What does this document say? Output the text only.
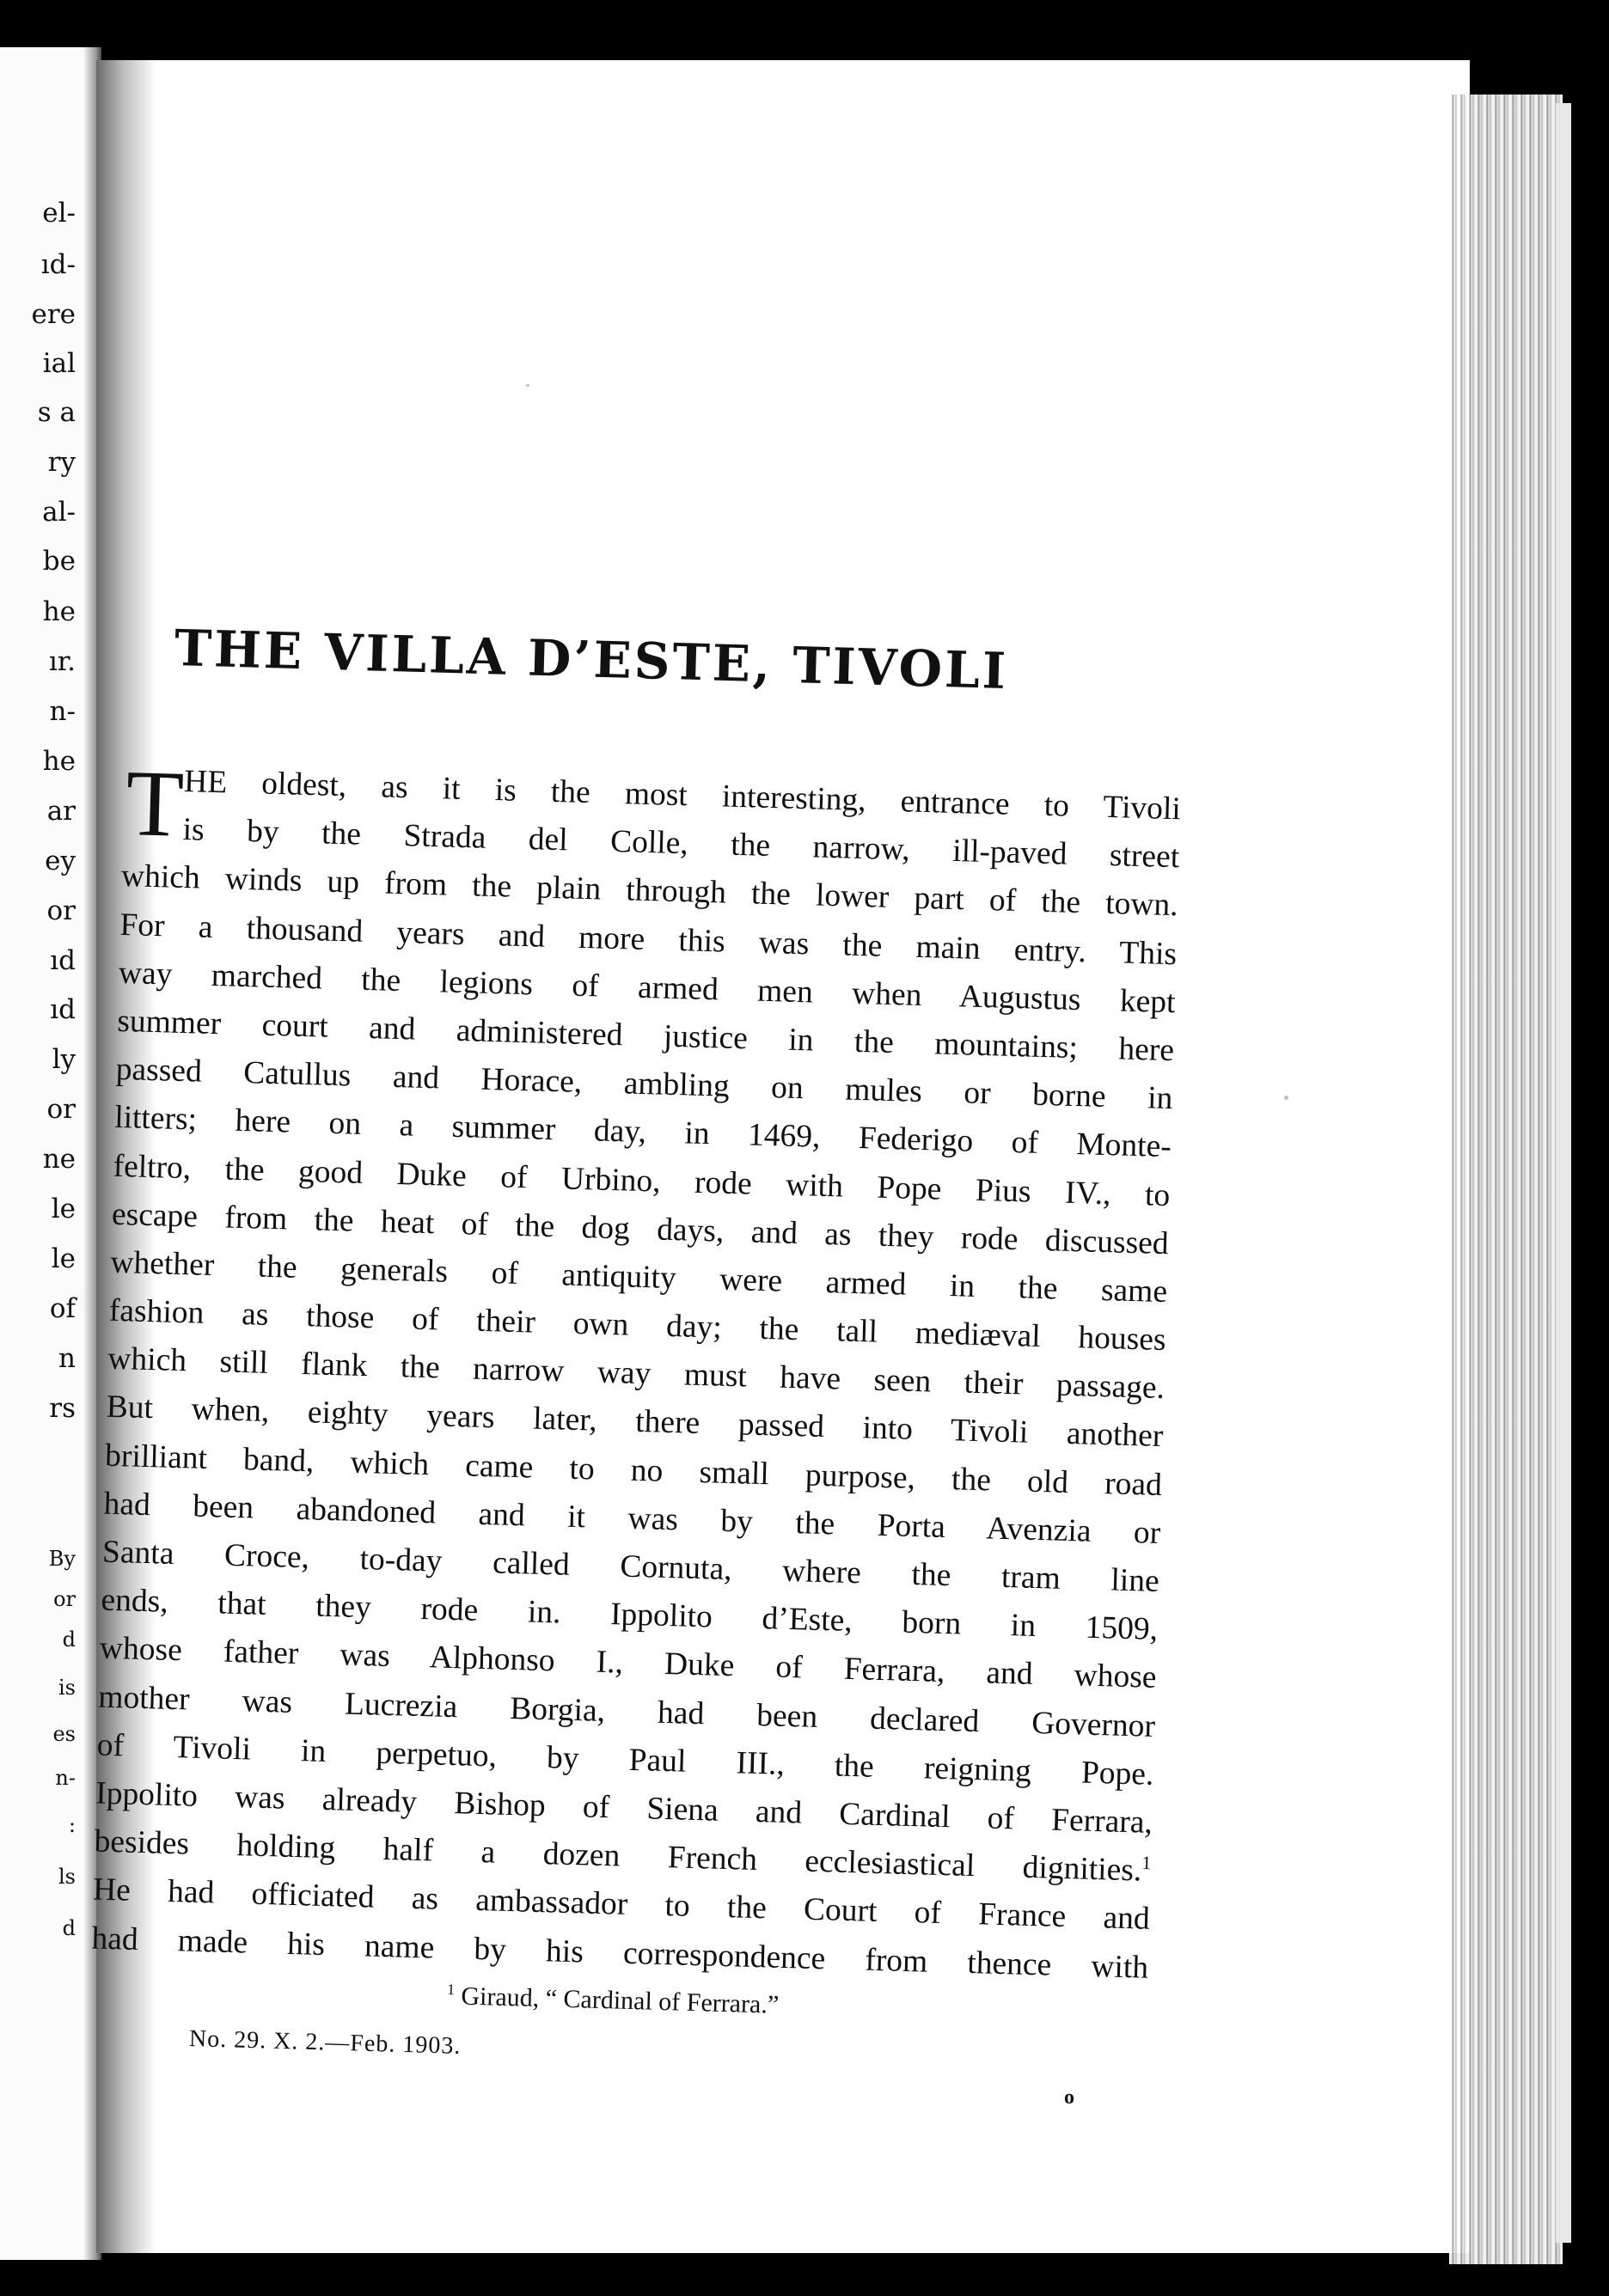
el-
ıd-
ere
ial
s a
ry
al-
be
he
ır.
n-
he
ar
ey
or
ıd
ıd
ly
or
ne
le
le
of
n
rs
By
or
d
is
es
n-
:
ls
d
THE VILLA D’ESTE, TIVOLI
T
HE oldest, as it is the most interesting, entrance to Tivoli
is by the Strada del Colle, the narrow, ill-paved street
which winds up from the plain through the lower part of the town.
For a thousand years and more this was the main entry. This
way marched the legions of armed men when Augustus kept
summer court and administered justice in the mountains; here
passed Catullus and Horace, ambling on mules or borne in
litters; here on a summer day, in 1469, Federigo of Monte-
feltro, the good Duke of Urbino, rode with Pope Pius IV., to
escape from the heat of the dog days, and as they rode discussed
whether the generals of antiquity were armed in the same
fashion as those of their own day; the tall mediæval houses
which still flank the narrow way must have seen their passage.
But when, eighty years later, there passed into Tivoli another
brilliant band, which came to no small purpose, the old road
had been abandoned and it was by the Porta Avenzia or
Santa Croce, to-day called Cornuta, where the tram line
ends, that they rode in. Ippolito d’Este, born in 1509,
whose father was Alphonso I., Duke of Ferrara, and whose
mother was Lucrezia Borgia, had been declared Governor
of Tivoli in perpetuo, by Paul III., the reigning Pope.
Ippolito was already Bishop of Siena and Cardinal of Ferrara,
besides holding half a dozen French ecclesiastical dignities.$^1$
He had officiated as ambassador to the Court of France and
had made his name by his correspondence from thence with
$^1$ Giraud, “ Cardinal of Ferrara.”
No. 29. X. 2.—Feb. 1903.
o
